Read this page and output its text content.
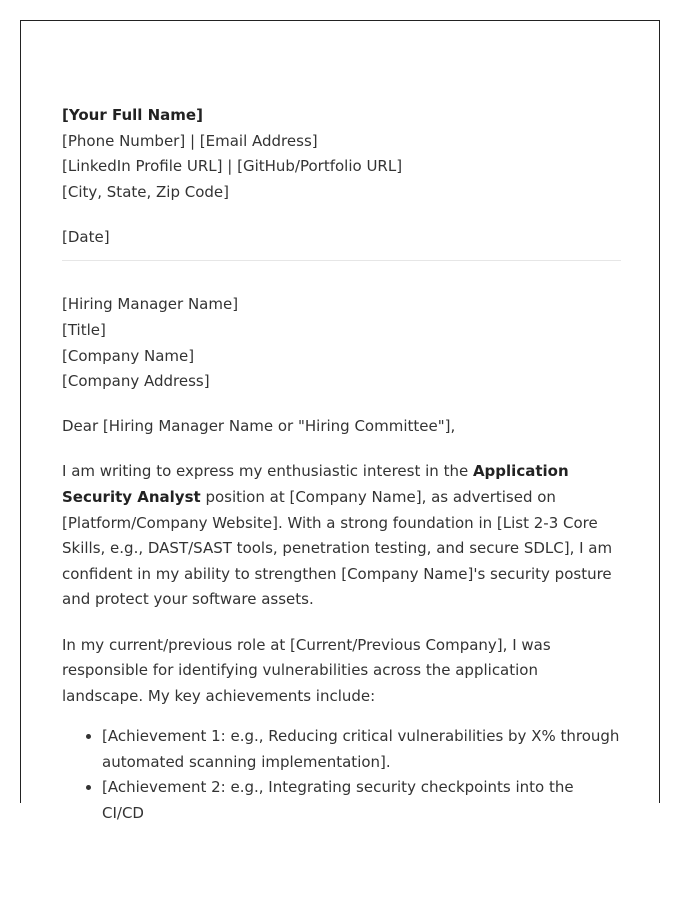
[Your Full Name]
[Phone Number] | [Email Address]
[LinkedIn Profile URL] | [GitHub/Portfolio URL]
[City, State, Zip Code]
[Date]
[Hiring Manager Name]
[Title]
[Company Name]
[Company Address]
Dear [Hiring Manager Name or "Hiring Committee"],

I am writing to express my enthusiastic interest in the Application Security Analyst position at [Company Name], as advertised on [Platform/Company Website]. With a strong foundation in [List 2-3 Core Skills, e.g., DAST/SAST tools, penetration testing, and secure SDLC], I am confident in my ability to strengthen [Company Name]'s security posture and protect your software assets.

In my current/previous role at [Current/Previous Company], I was responsible for identifying vulnerabilities across the application landscape. My key achievements include:

• [Achievement 1: e.g., Reducing critical vulnerabilities by X% through automated scanning implementation].
• [Achievement 2: e.g., Integrating security checkpoints into the CI/CD
